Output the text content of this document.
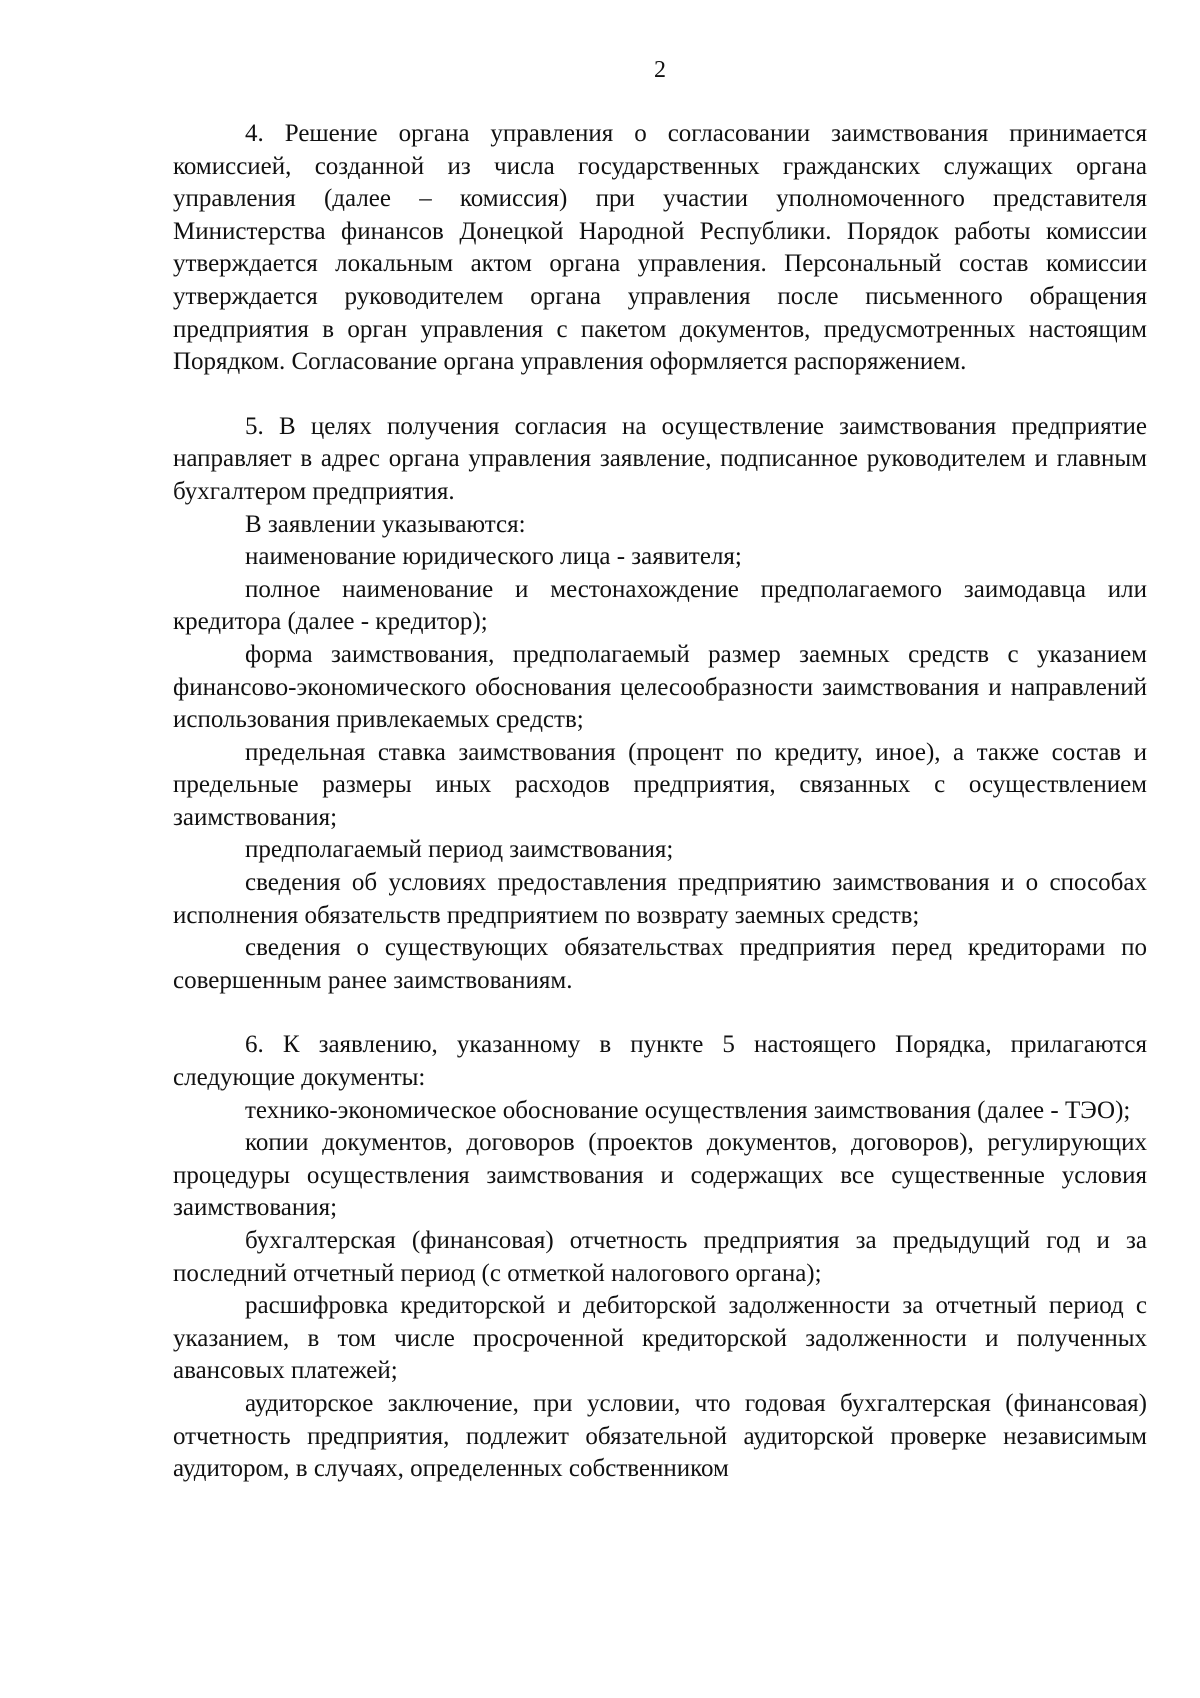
2

4. Решение органа управления о согласовании заимствования принимается комиссией, созданной из числа государственных гражданских служащих органа управления (далее – комиссия) при участии уполномоченного представителя Министерства финансов Донецкой Народной Республики. Порядок работы комиссии утверждается локальным актом органа управления. Персональный состав комиссии утверждается руководителем органа управления после письменного обращения предприятия в орган управления с пакетом документов, предусмотренных настоящим Порядком. Согласование органа управления оформляется распоряжением.

5. В целях получения согласия на осуществление заимствования предприятие направляет в адрес органа управления заявление, подписанное руководителем и главным бухгалтером предприятия.

В заявлении указываются:

наименование юридического лица - заявителя;

полное наименование и местонахождение предполагаемого заимодавца или кредитора (далее - кредитор);

форма заимствования, предполагаемый размер заемных средств с указанием финансово-экономического обоснования целесообразности заимствования и направлений использования привлекаемых средств;

предельная ставка заимствования (процент по кредиту, иное), а также состав и предельные размеры иных расходов предприятия, связанных с осуществлением заимствования;

предполагаемый период заимствования;

сведения об условиях предоставления предприятию заимствования и о способах исполнения обязательств предприятием по возврату заемных средств;

сведения о существующих обязательствах предприятия перед кредиторами по совершенным ранее заимствованиям.

6. К заявлению, указанному в пункте 5 настоящего Порядка, прилагаются следующие документы:

технико-экономическое обоснование осуществления заимствования (далее - ТЭО);

копии документов, договоров (проектов документов, договоров), регулирующих процедуры осуществления заимствования и содержащих все существенные условия заимствования;

бухгалтерская (финансовая) отчетность предприятия за предыдущий год и за последний отчетный период (с отметкой налогового органа);

расшифровка кредиторской и дебиторской задолженности за отчетный период с указанием, в том числе просроченной кредиторской задолженности и полученных авансовых платежей;

аудиторское заключение, при условии, что годовая бухгалтерская (финансовая) отчетность предприятия, подлежит обязательной аудиторской проверке независимым аудитором, в случаях, определенных собственником
